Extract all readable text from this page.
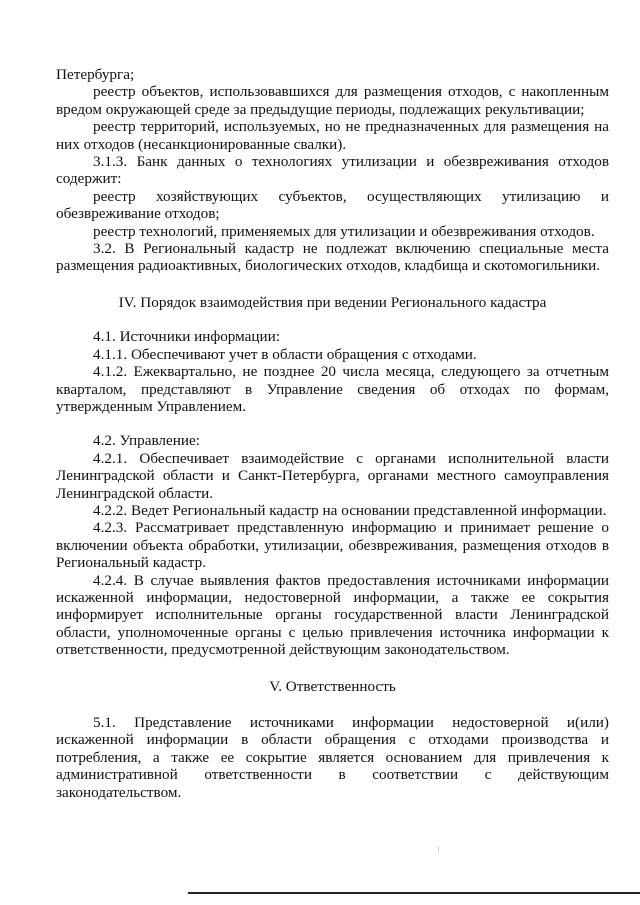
Петербурга;

реестр объектов, использовавшихся для размещения отходов, с накопленным вредом окружающей среде за предыдущие периоды, подлежащих рекультивации;

реестр территорий, используемых, но не предназначенных для размещения на них отходов (несанкционированные свалки).

3.1.3. Банк данных о технологиях утилизации и обезвреживания отходов содержит:

реестр хозяйствующих субъектов, осуществляющих утилизацию и обезвреживание отходов;

реестр технологий, применяемых для утилизации и обезвреживания отходов.

3.2. В Региональный кадастр не подлежат включению специальные места размещения радиоактивных, биологических отходов, кладбища и скотомогильники.

IV. Порядок взаимодействия при ведении Регионального кадастра

4.1. Источники информации:

4.1.1. Обеспечивают учет в области обращения с отходами.

4.1.2. Ежеквартально, не позднее 20 числа месяца, следующего за отчетным кварталом, представляют в Управление сведения об отходах по формам, утвержденным Управлением.

4.2. Управление:

4.2.1. Обеспечивает взаимодействие с органами исполнительной власти Ленинградской области и Санкт-Петербурга, органами местного самоуправления Ленинградской области.

4.2.2. Ведет Региональный кадастр на основании представленной информации.

4.2.3. Рассматривает представленную информацию и принимает решение о включении объекта обработки, утилизации, обезвреживания, размещения отходов в Региональный кадастр.

4.2.4. В случае выявления фактов предоставления источниками информации искаженной информации, недостоверной информации, а также ее сокрытия информирует исполнительные органы государственной власти Ленинградской области, уполномоченные органы с целью привлечения источника информации к ответственности, предусмотренной действующим законодательством.

V. Ответственность

5.1. Представление источниками информации недостоверной и(или) искаженной информации в области обращения с отходами производства и потребления, а также ее сокрытие является основанием для привлечения к административной ответственности в соответствии с действующим законодательством.
